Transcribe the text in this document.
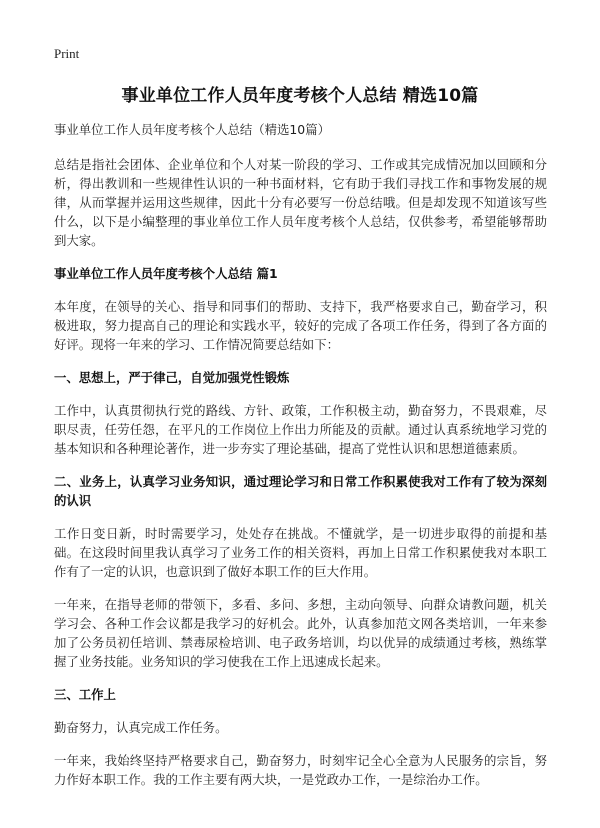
Print
事业单位工作人员年度考核个人总结 精选10篇

事业单位工作人员年度考核个人总结（精选10篇）

总结是指社会团体、企业单位和个人对某一阶段的学习、工作或其完成情况加以回顾和分析，得出教训和一些规律性认识的一种书面材料，它有助于我们寻找工作和事物发展的规律，从而掌握并运用这些规律，因此十分有必要写一份总结哦。但是却发现不知道该写些什么，以下是小编整理的事业单位工作人员年度考核个人总结，仅供参考，希望能够帮助到大家。

事业单位工作人员年度考核个人总结 篇1

本年度，在领导的关心、指导和同事们的帮助、支持下，我严格要求自己，勤奋学习，积极进取，努力提高自己的理论和实践水平，较好的完成了各项工作任务，得到了各方面的好评。现将一年来的学习、工作情况简要总结如下：

一、思想上，严于律己，自觉加强党性锻炼

工作中，认真贯彻执行党的路线、方针、政策，工作积极主动，勤奋努力，不畏艰难，尽职尽责，任劳任怨，在平凡的工作岗位上作出力所能及的贡献。通过认真系统地学习党的基本知识和各种理论著作，进一步夯实了理论基础，提高了党性认识和思想道德素质。

二、业务上，认真学习业务知识，通过理论学习和日常工作积累使我对工作有了较为深刻的认识

工作日变日新，时时需要学习，处处存在挑战。不懂就学，是一切进步取得的前提和基础。在这段时间里我认真学习了业务工作的相关资料，再加上日常工作积累使我对本职工作有了一定的认识，也意识到了做好本职工作的巨大作用。

一年来，在指导老师的带领下，多看、多问、多想，主动向领导、向群众请教问题，机关学习会、各种工作会议都是我学习的好机会。此外，认真参加范文网各类培训，一年来参加了公务员初任培训、禁毒尿检培训、电子政务培训，均以优异的成绩通过考核，熟练掌握了业务技能。业务知识的学习使我在工作上迅速成长起来。

三、工作上

勤奋努力，认真完成工作任务。

一年来，我始终坚持严格要求自己，勤奋努力，时刻牢记全心全意为人民服务的宗旨，努力作好本职工作。我的工作主要有两大块，一是党政办工作，一是综治办工作。
